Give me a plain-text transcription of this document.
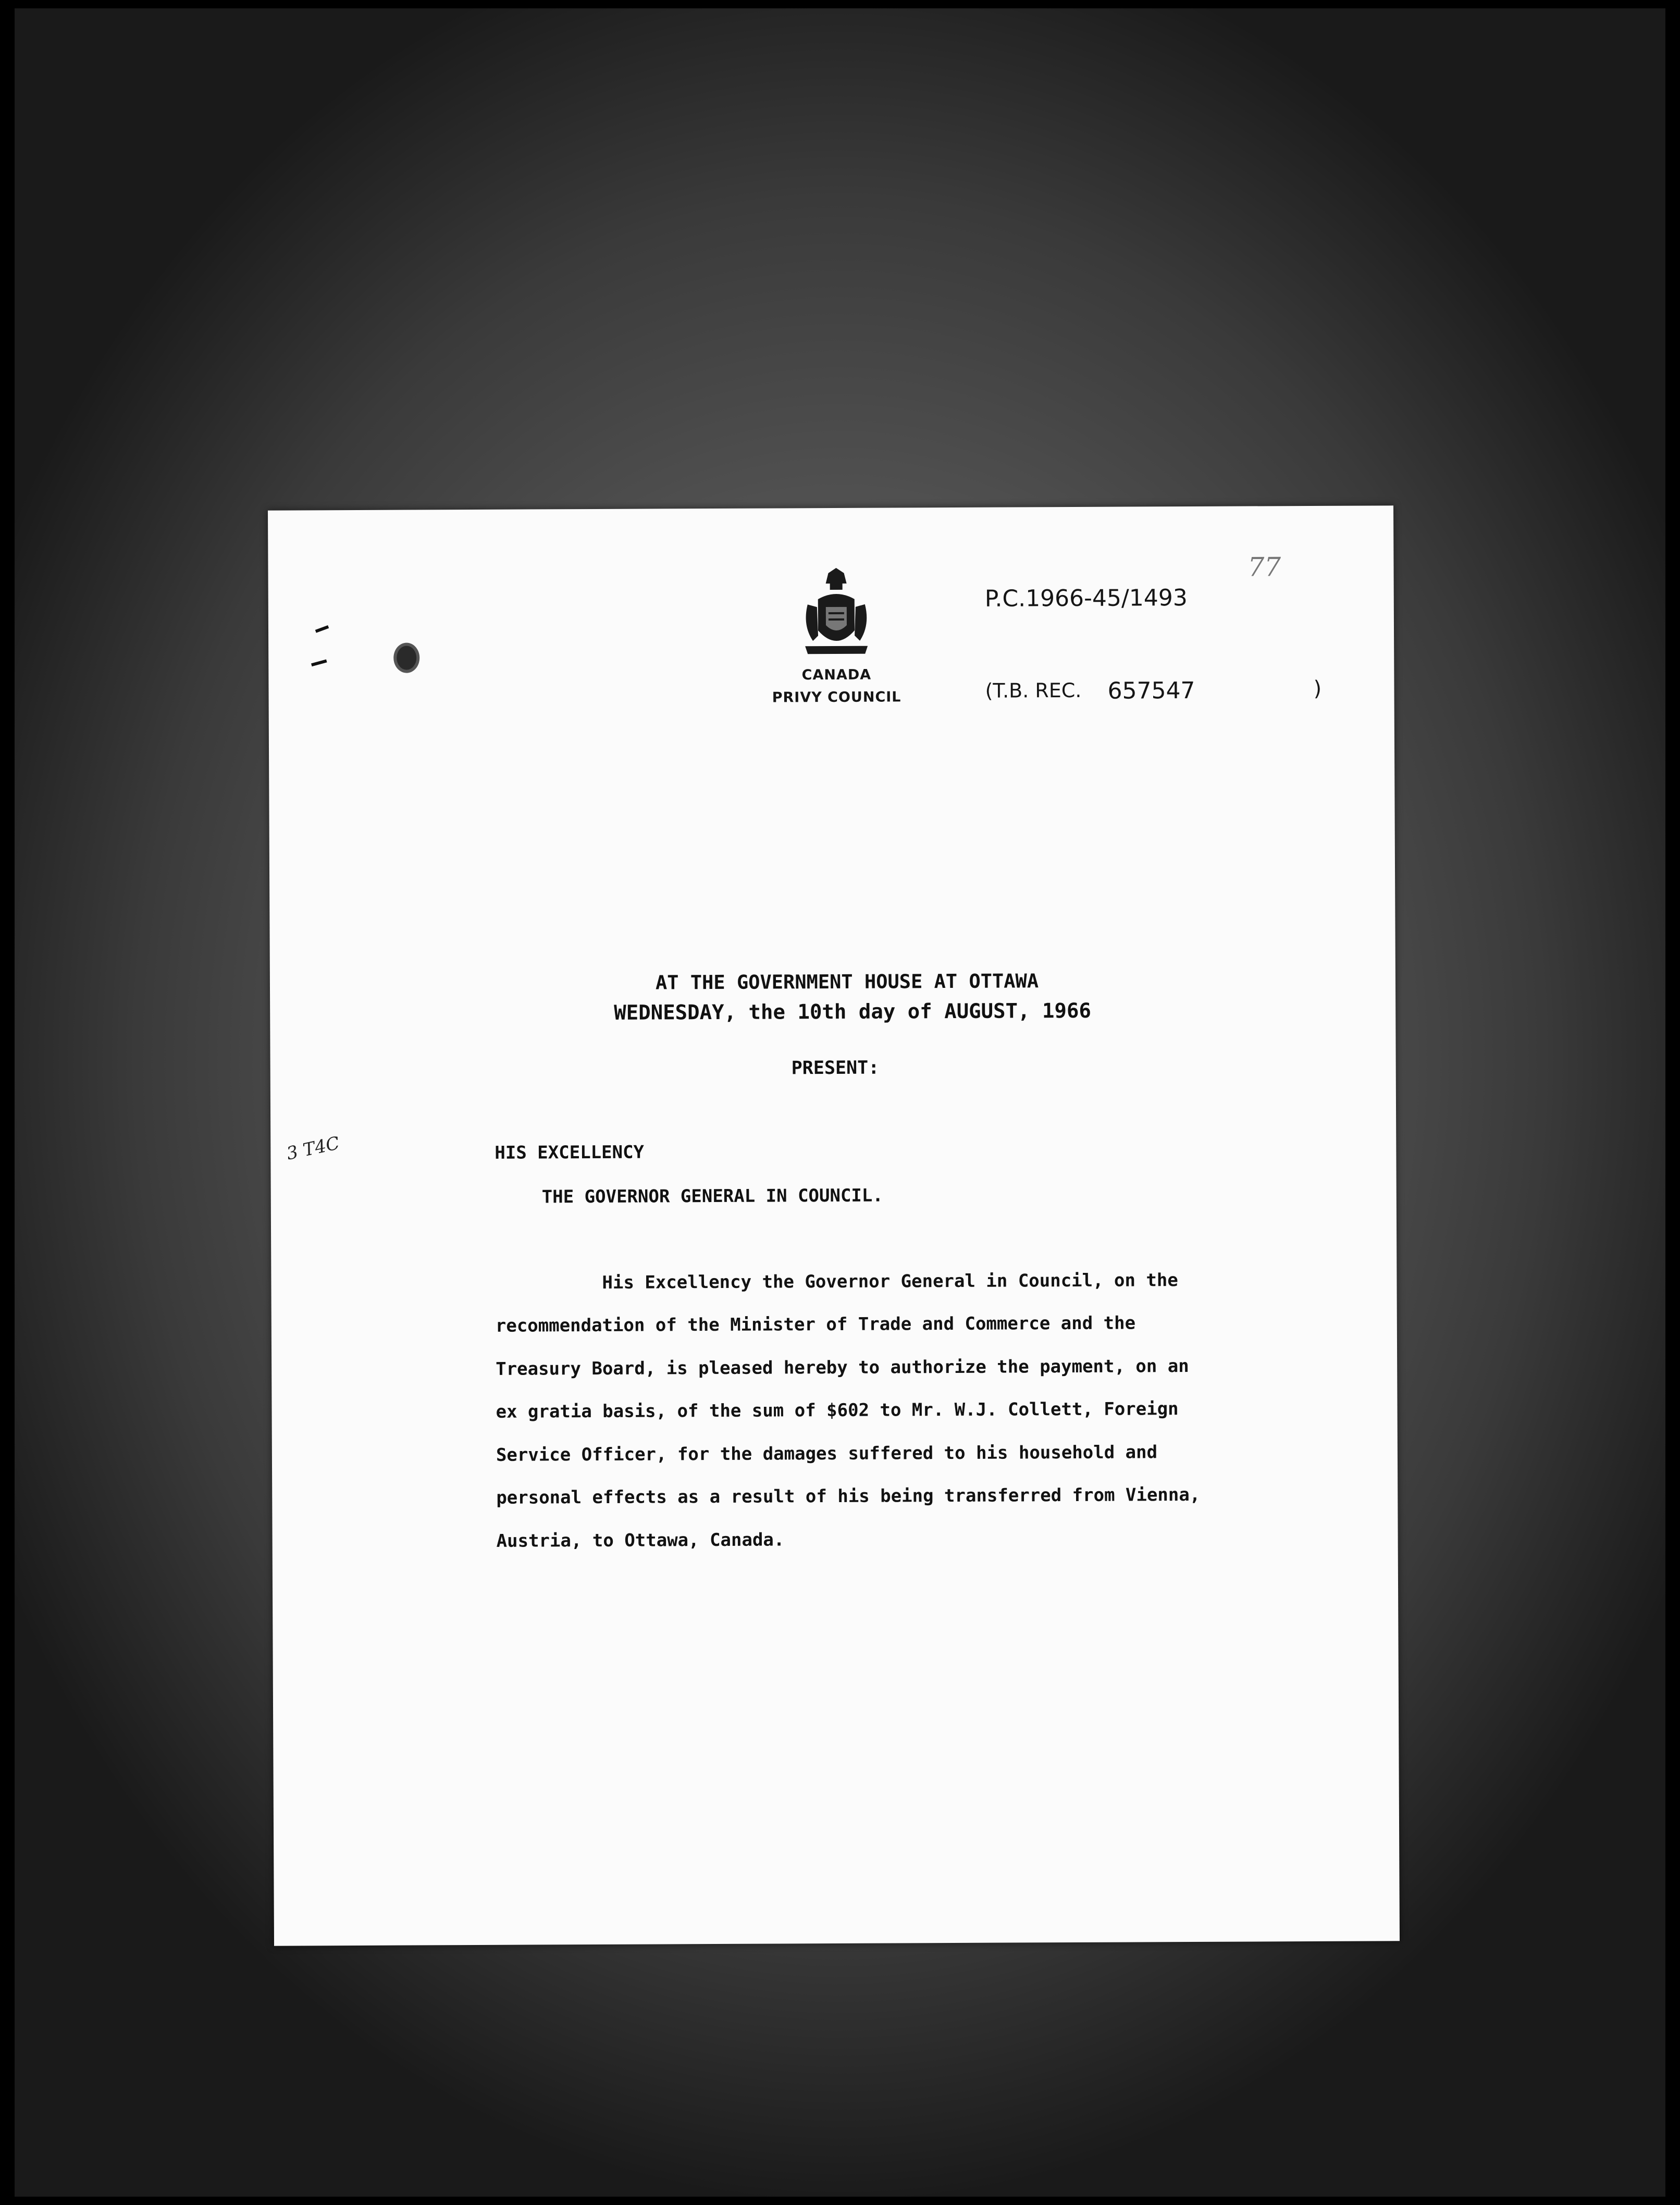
CANADA
PRIVY COUNCIL
P.C.1966-45/1493
77
(T.B. REC. 657547	)
3 T4C
AT THE GOVERNMENT HOUSE AT OTTAWA
WEDNESDAY, the 10th day of AUGUST, 1966
PRESENT:
HIS EXCELLENCY
THE GOVERNOR GENERAL IN COUNCIL.
His Excellency the Governor General in Council, on the
recommendation of the Minister of Trade and Commerce and the
Treasury Board, is pleased hereby to authorize the payment, on an
ex gratia basis, of the sum of $602 to Mr. W.J. Collett, Foreign
Service Officer, for the damages suffered to his household and
personal effects as a result of his being transferred from Vienna,
Austria, to Ottawa, Canada.
